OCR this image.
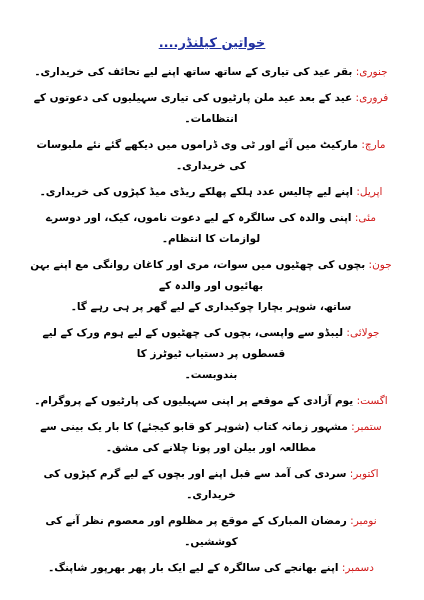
خواتین کیلنڈر....

جنوری: بقر عید کی تیاری کے ساتھ ساتھ اپنے لیے تحائف کی خریداری۔

فروری: عید کے بعد عید ملن پارٹیوں کی تیاری سہیلیوں کی دعوتوں کے انتظامات۔

مارچ: مارکیٹ میں آئے اور ٹی وی ڈراموں میں دیکھے گئے نئے ملبوسات کی خریداری۔

اپریل: اپنے لیے چالیس عدد ہلکے پھلکے ریڈی میڈ کپڑوں کی خریداری۔

مئی: اپنی والدہ کی سالگرہ کے لیے دعوت ناموں، کیک، اور دوسرے لوازمات کا انتظام۔

جون: بچوں کی چھٹیوں میں سوات، مری اور کاغان روانگی مع اپنے بہن بھائیوں اور والدہ کے
ساتھ، شوہر بچارا چوکیداری کے لیے گھر پر ہی رہے گا۔

جولائی: لیبڈو سے واپسی، بچوں کی چھٹیوں کے لیے ہوم ورک کے لیے قسطوں پر دستیاب ٹیوٹرز کا
بندوبست۔

اگست: یوم آزادی کے موقعے پر اپنی سہیلیوں کی پارٹیوں کے پروگرام۔

ستمبر: مشہور زمانہ کتاب (شوہر کو قابو کیجئے) کا بار یک بینی سے مطالعہ اور بیلن اور پونا چلانے کی مشق۔

اکتوبر: سردی کی آمد سے قبل اپنے اور بچوں کے لیے گرم کپڑوں کی خریداری۔

نومبر: رمضان المبارک کے موقع پر مظلوم اور معصوم نظر آنے کی کوششیں۔

دسمبر: اپنے بھانجے کی سالگرہ کے لیے ایک بار پھر بھرپور شاپنگ۔
